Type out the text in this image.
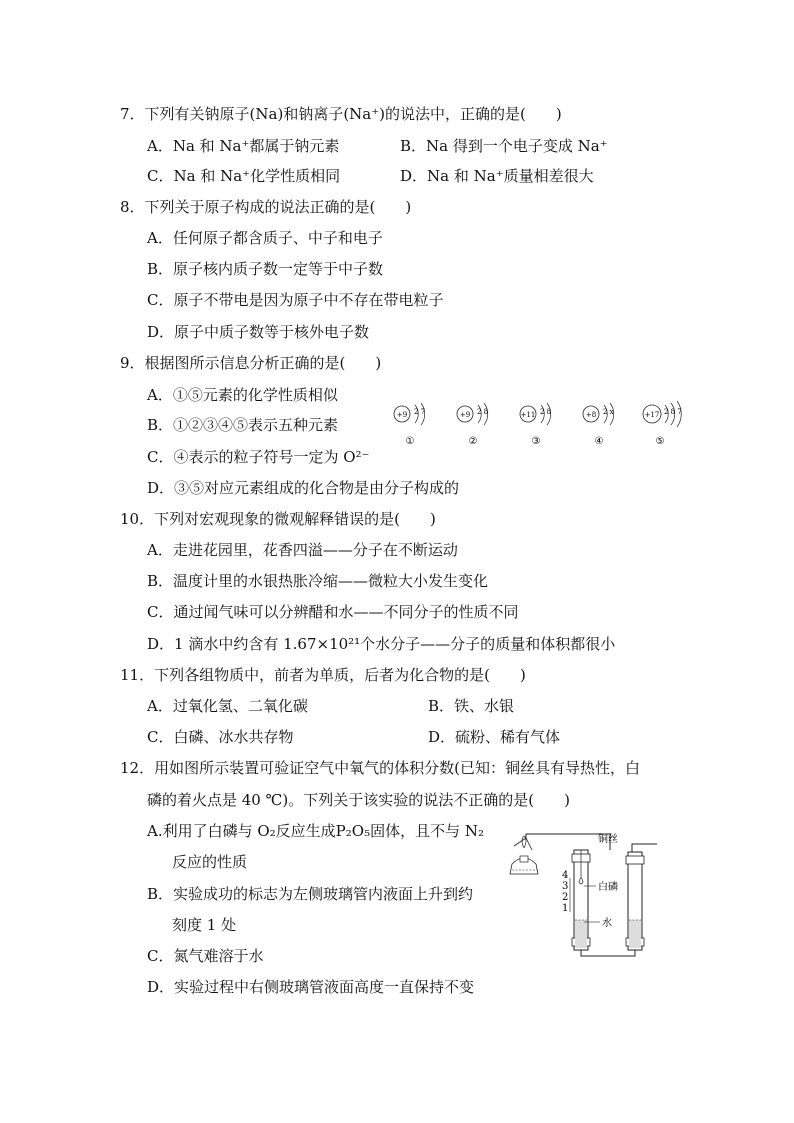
7．下列有关钠原子(Na)和钠离子(Na⁺)的说法中，正确的是(　　)
A．Na 和 Na⁺都属于钠元素	B．Na 得到一个电子变成 Na⁺
C．Na 和 Na⁺化学性质相同	D．Na 和 Na⁺质量相差很大
8．下列关于原子构成的说法正确的是(　　)
A．任何原子都含质子、中子和电子
B．原子核内质子数一定等于中子数
C．原子不带电是因为原子中不存在带电粒子
D．原子中质子数等于核外电子数
9．根据图所示信息分析正确的是(　　)
A．①⑤元素的化学性质相似
B．①②③④⑤表示五种元素
C．④表示的粒子符号一定为 O²⁻
D．③⑤对应元素组成的化合物是由分子构成的
+9 2 7
①
+9 2 8
②
+11 2 8
③
+8 2 x
④
+17 2 8 7
⑤
10．下列对宏观现象的微观解释错误的是(　　)
A．走进花园里，花香四溢——分子在不断运动
B．温度计里的水银热胀冷缩——微粒大小发生变化
C．通过闻气味可以分辨醋和水——不同分子的性质不同
D．1 滴水中约含有 1.67×10²¹个水分子——分子的质量和体积都很小
11．下列各组物质中，前者为单质，后者为化合物的是(　　)
A．过氧化氢、二氧化碳	B．铁、水银
C．白磷、冰水共存物	D．硫粉、稀有气体
12．用如图所示装置可验证空气中氧气的体积分数(已知：铜丝具有导热性，白
磷的着火点是 40 ℃)。下列关于该实验的说法不正确的是(　　)
A.利用了白磷与 O₂反应生成P₂O₅固体，且不与 N₂
反应的性质
B．实验成功的标志为左侧玻璃管内液面上升到约
刻度 1 处
C．氮气难溶于水
D．实验过程中右侧玻璃管液面高度一直保持不变
铜丝
4
3
2
1
白磷
水
